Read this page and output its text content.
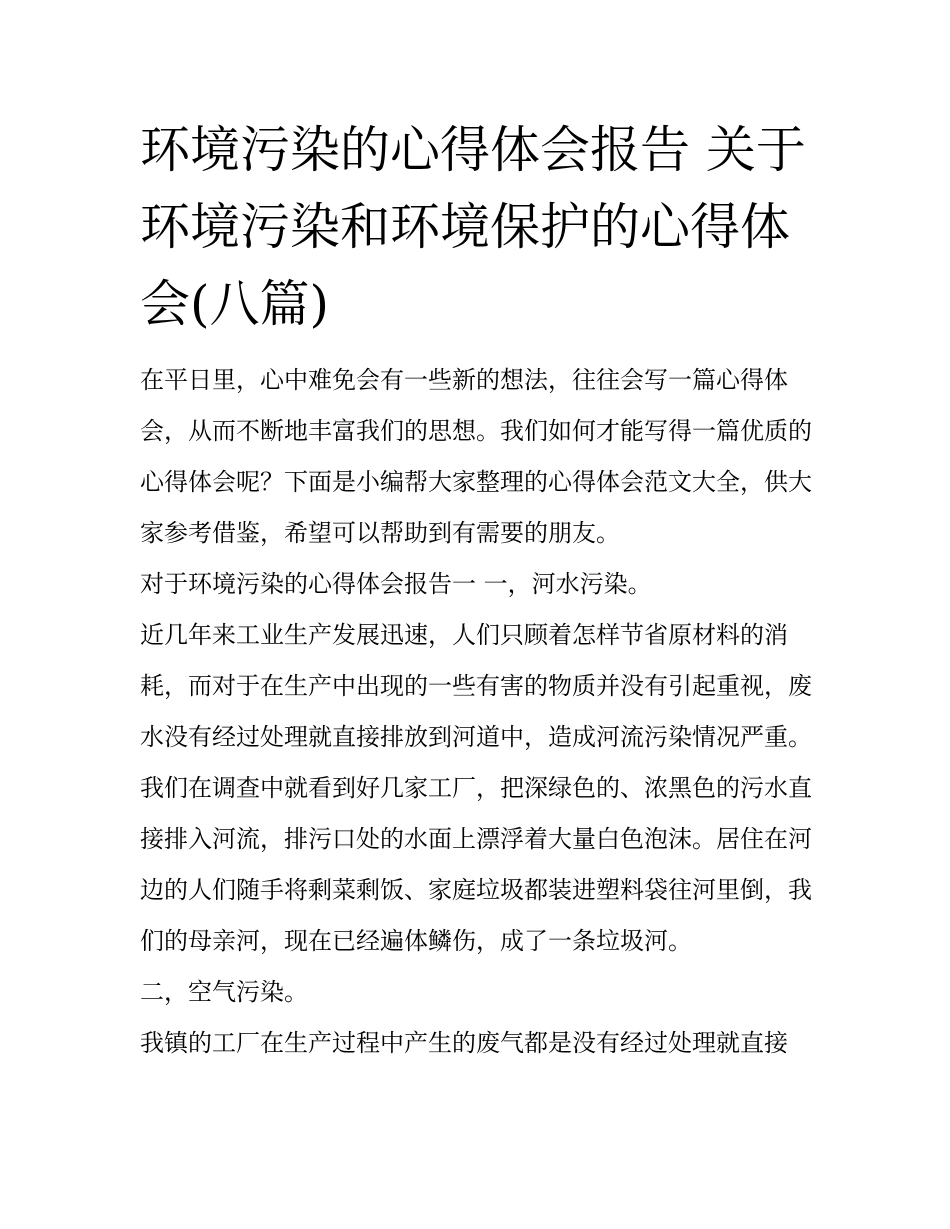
环境污染的心得体会报告 关于环境污染和环境保护的心得体会(八篇)

在平日里，心中难免会有一些新的想法，往往会写一篇心得体会，从而不断地丰富我们的思想。我们如何才能写得一篇优质的心得体会呢？下面是小编帮大家整理的心得体会范文大全，供大家参考借鉴，希望可以帮助到有需要的朋友。

对于环境污染的心得体会报告一 一，河水污染。

近几年来工业生产发展迅速，人们只顾着怎样节省原材料的消耗，而对于在生产中出现的一些有害的物质并没有引起重视，废水没有经过处理就直接排放到河道中，造成河流污染情况严重。我们在调查中就看到好几家工厂，把深绿色的、浓黑色的污水直接排入河流，排污口处的水面上漂浮着大量白色泡沫。居住在河边的人们随手将剩菜剩饭、家庭垃圾都装进塑料袋往河里倒，我们的母亲河，现在已经遍体鳞伤，成了一条垃圾河。

二，空气污染。

我镇的工厂在生产过程中产生的废气都是没有经过处理就直接
